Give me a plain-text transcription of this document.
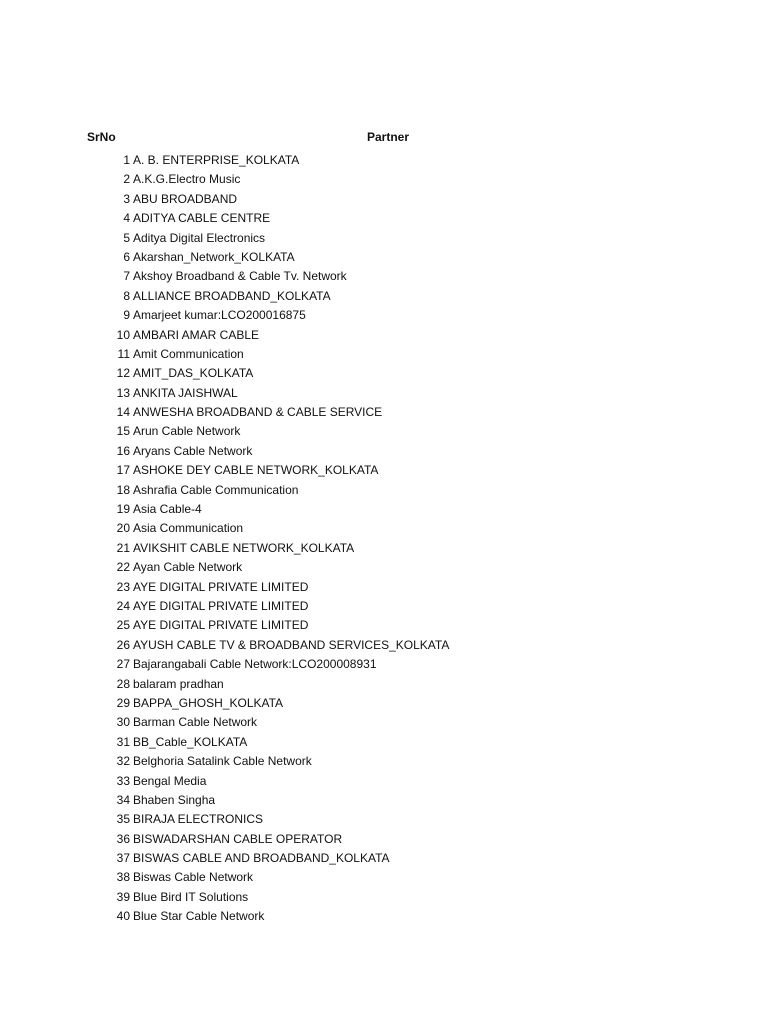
SrNo	Partner
1 A. B. ENTERPRISE_KOLKATA
2 A.K.G.Electro Music
3 ABU BROADBAND
4 ADITYA CABLE CENTRE
5 Aditya Digital Electronics
6 Akarshan_Network_KOLKATA
7 Akshoy Broadband & Cable Tv. Network
8 ALLIANCE BROADBAND_KOLKATA
9 Amarjeet kumar:LCO200016875
10 AMBARI AMAR CABLE
11 Amit Communication
12 AMIT_DAS_KOLKATA
13 ANKITA JAISHWAL
14 ANWESHA BROADBAND & CABLE SERVICE
15 Arun Cable Network
16 Aryans Cable Network
17 ASHOKE DEY CABLE NETWORK_KOLKATA
18 Ashrafia Cable Communication
19 Asia Cable-4
20 Asia Communication
21 AVIKSHIT CABLE NETWORK_KOLKATA
22 Ayan Cable Network
23 AYE DIGITAL PRIVATE LIMITED
24 AYE DIGITAL PRIVATE LIMITED
25 AYE DIGITAL PRIVATE LIMITED
26 AYUSH CABLE TV & BROADBAND SERVICES_KOLKATA
27 Bajarangabali Cable Network:LCO200008931
28 balaram pradhan
29 BAPPA_GHOSH_KOLKATA
30 Barman Cable Network
31 BB_Cable_KOLKATA
32 Belghoria Satalink Cable Network
33 Bengal Media
34 Bhaben Singha
35 BIRAJA ELECTRONICS
36 BISWADARSHAN CABLE OPERATOR
37 BISWAS CABLE AND BROADBAND_KOLKATA
38 Biswas Cable Network
39 Blue Bird IT Solutions
40 Blue Star Cable Network
